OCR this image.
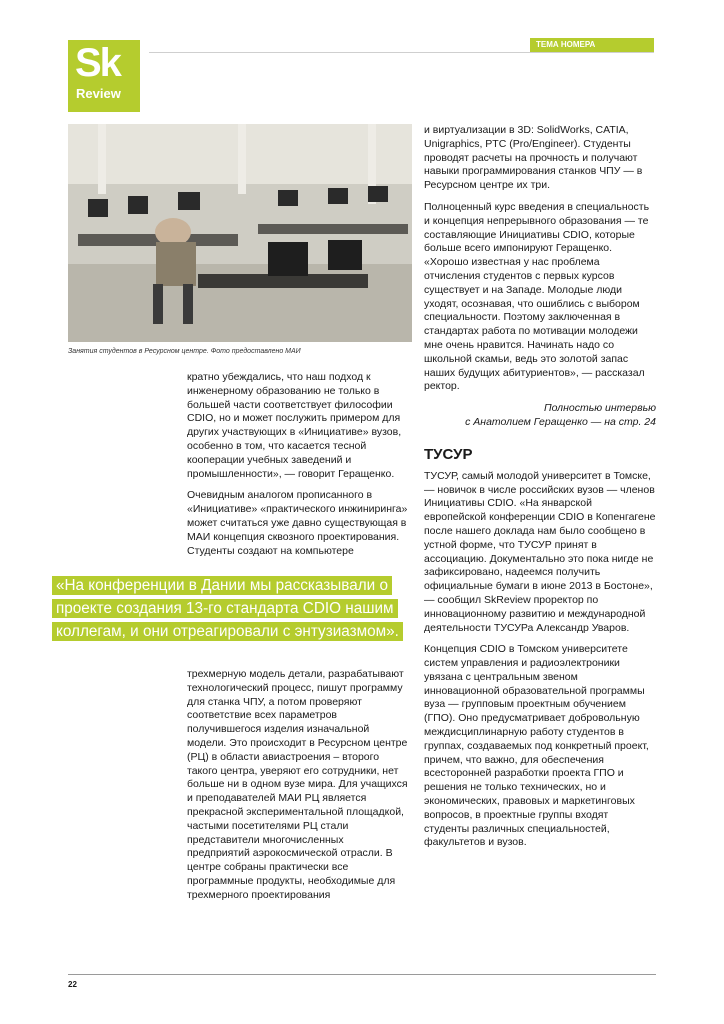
Sk
Review
ТЕМА НОМЕРА
Занятия студентов в Ресурсном центре. Фото предоставлено МАИ

кратно убеждались, что наш подход к инженерному образованию не только в большей части соответствует философии CDIO, но и может послужить примером для других участвующих в «Инициативе» вузов, особенно в том, что касается тесной кооперации учебных заведений и промышленности», — говорит Геращенко.

Очевидным аналогом прописанного в «Инициативе» «практического инжиниринга» может считаться уже давно существующая в МАИ концепция сквозного проектирования. Студенты создают на компьютере

«На конференции в Дании мы рассказывали о проекте создания 13-го стандарта CDIO нашим коллегам, и они отреагировали с энтузиазмом».

трехмерную модель детали, разрабатывают технологический процесс, пишут программу для станка ЧПУ, а потом проверяют соответствие всех параметров получившегося изделия изначальной модели. Это происходит в Ресурсном центре (РЦ) в области авиастроения – второго такого центра, уверяют его сотрудники, нет больше ни в одном вузе мира. Для учащихся и преподавателей МАИ РЦ является прекрасной экспериментальной площадкой, частыми посетителями РЦ стали представители многочисленных предприятий аэрокосмической отрасли. В центре собраны практически все программные продукты, необходимые для трехмерного проектирования

и виртуализации в 3D: SolidWorks, CATIA, Unigraphics, PTC (Pro/Engineer). Студенты проводят расчеты на прочность и получают навыки программирования станков ЧПУ — в Ресурсном центре их три.

Полноценный курс введения в специальность и концепция непрерывного образования — те составляющие Инициативы CDIO, которые больше всего импонируют Геращенко. «Хорошо известная у нас проблема отчисления студентов с первых курсов существует и на Западе. Молодые люди уходят, осознавая, что ошиблись с выбором специальности. Поэтому заключенная в стандартах работа по мотивации молодежи мне очень нравится. Начинать надо со школьной скамьи, ведь это золотой запас наших будущих абитуриентов», — рассказал ректор.

Полностью интервью
с Анатолием Геращенко — на стр. 24
ТУСУР

ТУСУР, самый молодой университет в Томске, — новичок в числе российских вузов — членов Инициативы CDIO. «На январской европейской конференции CDIO в Копенгагене после нашего доклада нам было сообщено в устной форме, что ТУСУР принят в ассоциацию. Документально это пока нигде не зафиксировано, надеемся получить официальные бумаги в июне 2013 в Бостоне», — сообщил SkReview проректор по инновационному развитию и международной деятельности ТУСУРа Александр Уваров.

Концепция CDIO в Томском университете систем управления и радиоэлектроники увязана с центральным звеном инновационной образовательной программы вуза — групповым проектным обучением (ГПО). Оно предусматривает добровольную междисциплинарную работу студентов в группах, создаваемых под конкретный проект, причем, что важно, для обеспечения всесторонней разработки проекта ГПО и решения не только технических, но и экономических, правовых и маркетинговых вопросов, в проектные группы входят студенты различных специальностей, факультетов и вузов.

22
